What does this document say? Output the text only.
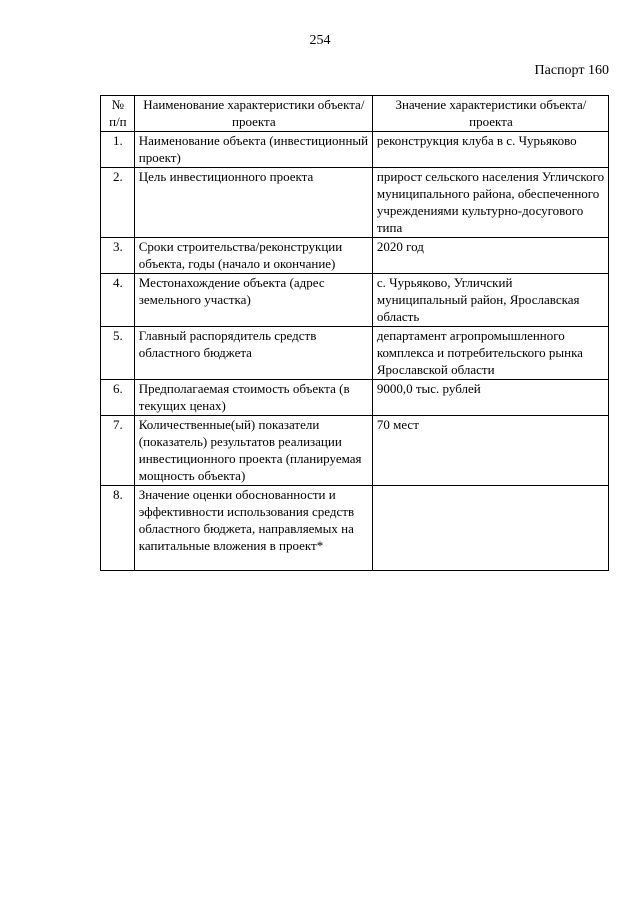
254
Паспорт 160
№ п/п	Наименование характеристики объекта/проекта	Значение характеристики объекта/проекта
1.	Наименование объекта (инвестиционный проект)	реконструкция клуба в с. Чурьяково
2.	Цель инвестиционного проекта	прирост сельского населения Угличского муниципального района, обеспеченного учреждениями культурно-досугового типа
3.	Сроки строительства/реконструкции объекта, годы (начало и окончание)	2020 год
4.	Местонахождение объекта (адрес земельного участка)	с. Чурьяково, Угличский муниципальный район, Ярославская область
5.	Главный распорядитель средств областного бюджета	департамент агропромышленного комплекса и потребительского рынка Ярославской области
6.	Предполагаемая стоимость объекта (в текущих ценах)	9000,0 тыс. рублей
7.	Количественные(ый) показатели (показатель) результатов реализации инвестиционного проекта (планируемая мощность объекта)	70 мест
8.	Значение оценки обоснованности и эффективности использования средств областного бюджета, направляемых на капитальные вложения в проект*	
